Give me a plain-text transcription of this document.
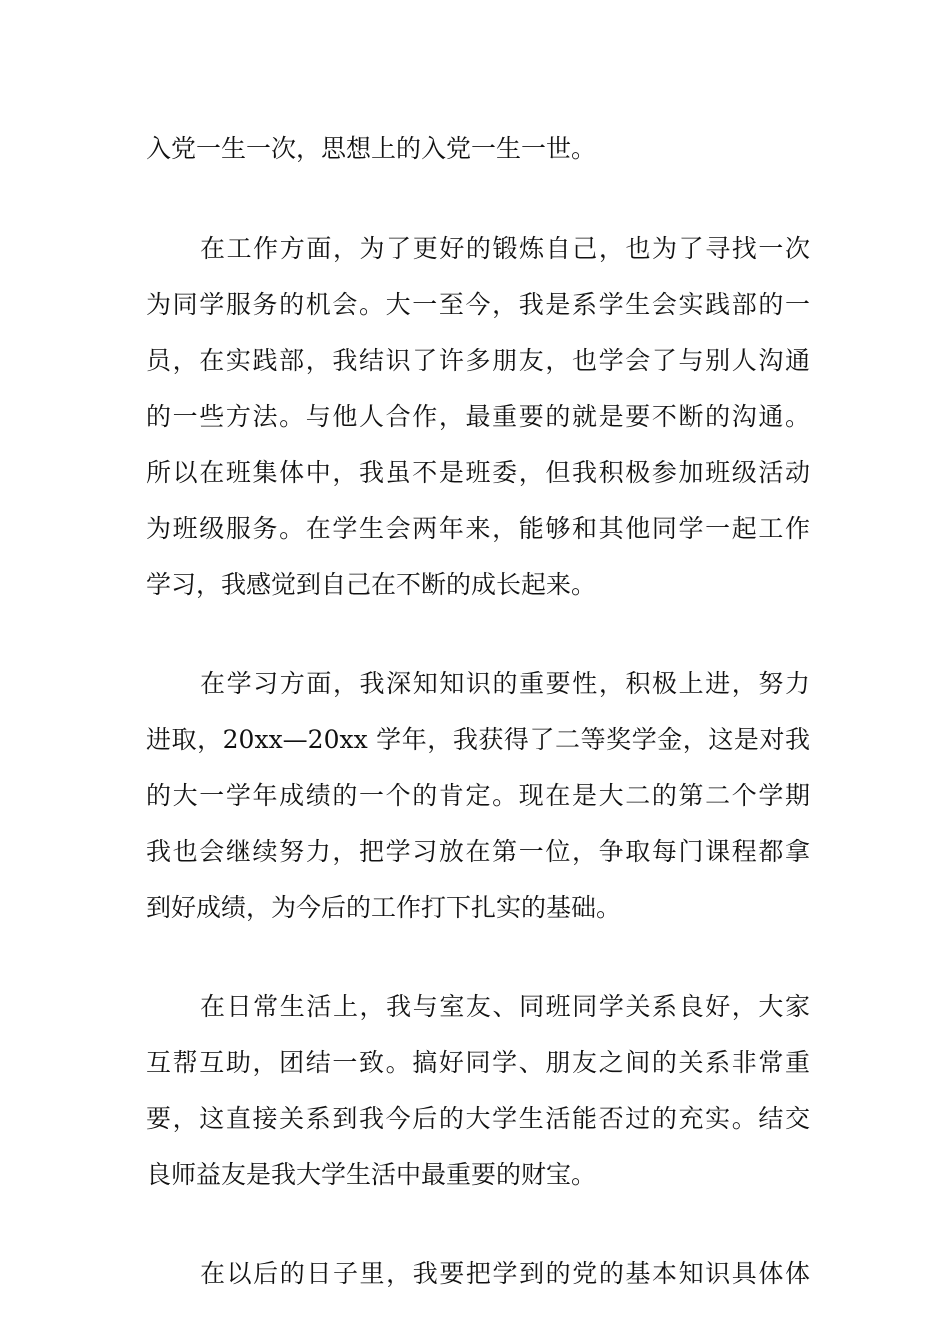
入党一生一次，思想上的入党一生一世。
在工作方面，为了更好的锻炼自己，也为了寻找一次
为同学服务的机会。大一至今，我是系学生会实践部的一
员，在实践部，我结识了许多朋友，也学会了与别人沟通
的一些方法。与他人合作，最重要的就是要不断的沟通。
所以在班集体中，我虽不是班委，但我积极参加班级活动
为班级服务。在学生会两年来，能够和其他同学一起工作
学习，我感觉到自己在不断的成长起来。
在学习方面，我深知知识的重要性，积极上进，努力
进取，20xx—20xx 学年，我获得了二等奖学金，这是对我
的大一学年成绩的一个的肯定。现在是大二的第二个学期
我也会继续努力，把学习放在第一位，争取每门课程都拿
到好成绩，为今后的工作打下扎实的基础。
在日常生活上，我与室友、同班同学关系良好，大家
互帮互助，团结一致。搞好同学、朋友之间的关系非常重
要，这直接关系到我今后的大学生活能否过的充实。结交
良师益友是我大学生活中最重要的财宝。
在以后的日子里，我要把学到的党的基本知识具体体
